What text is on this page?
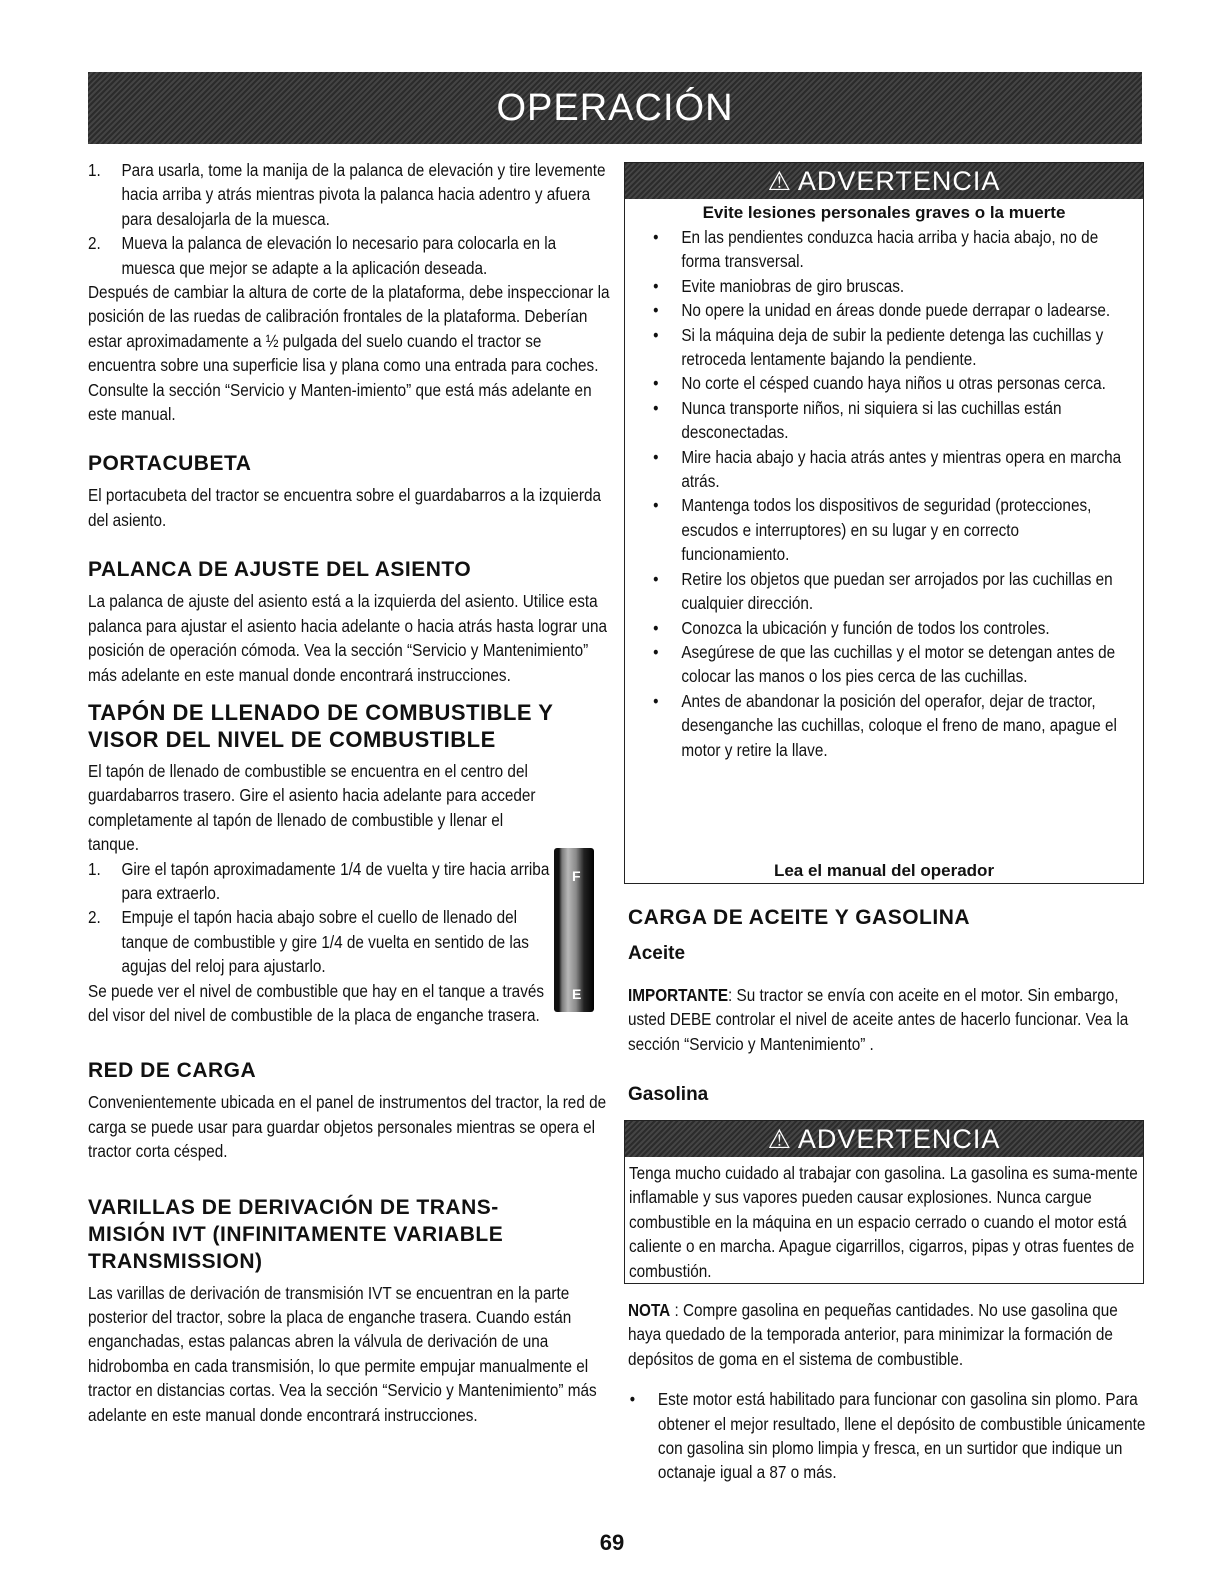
OPERACIÓN
1. Para usarla, tome la manija de la palanca de elevación y tire levemente hacia arriba y atrás mientras pivota la palanca hacia adentro y afuera para desalojarla de la muesca.
2. Mueva la palanca de elevación lo necesario para colocarla en la muesca que mejor se adapte a la aplicación deseada.

Después de cambiar la altura de corte de la plataforma, debe inspeccionar la posición de las ruedas de calibración frontales de la plataforma. Deberían estar aproximadamente a ½ pulgada del suelo cuando el tractor se encuentra sobre una superficie lisa y plana como una entrada para coches. Consulte la sección “Servicio y Manten-imiento” que está más adelante en este manual.

PORTACUBETA

El portacubeta del tractor se encuentra sobre el guardabarros a la izquierda del asiento.

PALANCA DE AJUSTE DEL ASIENTO

La palanca de ajuste del asiento está a la izquierda del asiento. Utilice esta palanca para ajustar el asiento hacia adelante o hacia atrás hasta lograr una posición de operación cómoda. Vea la sección “Servicio y Mantenimiento” más adelante en este manual donde encontrará instrucciones.

TAPÓN DE LLENADO DE COMBUSTIBLE Y
VISOR DEL NIVEL DE COMBUSTIBLE

El tapón de llenado de combustible se encuentra en el centro del guardabarros trasero. Gire el asiento hacia adelante para acceder completamente al tapón de llenado de combustible y llenar el tanque.

1. Gire el tapón aproximadamente 1/4 de vuelta y tire hacia arriba para extraerlo.
2. Empuje el tapón hacia abajo sobre el cuello de llenado del tanque de combustible y gire 1/4 de vuelta en sentido de las agujas del reloj para ajustarlo.

Se puede ver el nivel de combustible que hay en el tanque a través del visor del nivel de combustible de la placa de enganche trasera.

RED DE CARGA

Convenientemente ubicada en el panel de instrumentos del tractor, la red de carga se puede usar para guardar objetos personales mientras se opera el tractor corta césped.

VARILLAS DE DERIVACIÓN DE TRANS-
MISIÓN IVT (INFINITAMENTE VARIABLE
TRANSMISSION)

Las varillas de derivación de transmisión IVT se encuentran en la parte posterior del tractor, sobre la placa de enganche trasera. Cuando están enganchadas, estas palancas abren la válvula de derivación de una hidrobomba en cada transmisión, lo que permite empujar manualmente el tractor en distancias cortas. Vea la sección “Servicio y Mantenimiento” más adelante en este manual donde encontrará instrucciones.

F
E
⚠ ADVERTENCIA
Evite lesiones personales graves o la muerte
• En las pendientes conduzca hacia arriba y hacia abajo, no de forma transversal.
• Evite maniobras de giro bruscas.
• No opere la unidad en áreas donde puede derrapar o ladearse.
• Si la máquina deja de subir la pediente detenga las cuchillas y retroceda lentamente bajando la pendiente.
• No corte el césped cuando haya niños u otras personas cerca.
• Nunca transporte niños, ni siquiera si las cuchillas están desconectadas.
• Mire hacia abajo y hacia atrás antes y mientras opera en marcha atrás.
• Mantenga todos los dispositivos de seguridad (protecciones, escudos e interruptores) en su lugar y en correcto funcionamiento.
• Retire los objetos que puedan ser arrojados por las cuchillas en cualquier dirección.
• Conozca la ubicación y función de todos los controles.
• Asegúrese de que las cuchillas y el motor se detengan antes de colocar las manos o los pies cerca de las cuchillas.
• Antes de abandonar la posición del operafor, dejar de tractor, desenganche las cuchillas, coloque el freno de mano, apague el motor y retire la llave.
Lea el manual del operador
CARGA DE ACEITE Y GASOLINA
Aceite

IMPORTANTE: Su tractor se envía con aceite en el motor. Sin embargo, usted DEBE controlar el nivel de aceite antes de hacerlo funcionar. Vea la sección “Servicio y Mantenimiento” .

Gasolina
⚠ ADVERTENCIA

Tenga mucho cuidado al trabajar con gasolina. La gasolina es suma-mente inflamable y sus vapores pueden causar explosiones. Nunca cargue combustible en la máquina en un espacio cerrado o cuando el motor está caliente o en marcha. Apague cigarrillos, cigarros, pipas y otras fuentes de combustión.

NOTA : Compre gasolina en pequeñas cantidades. No use gasolina que haya quedado de la temporada anterior, para minimizar la formación de depósitos de goma en el sistema de combustible.

• Este motor está habilitado para funcionar con gasolina sin plomo. Para obtener el mejor resultado, llene el depósito de combustible únicamente con gasolina sin plomo limpia y fresca, en un surtidor que indique un octanaje igual a 87 o más.
69
